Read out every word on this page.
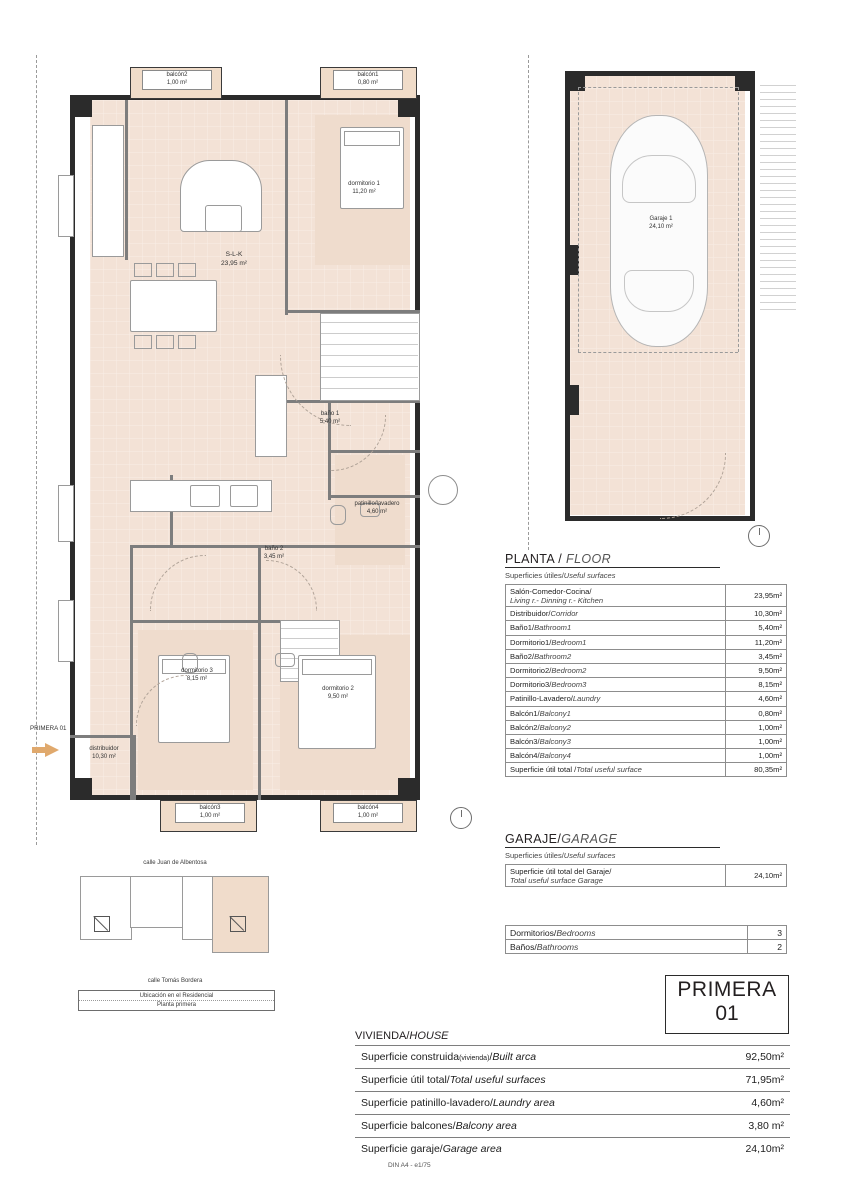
PRIMERA 01
balcón2
1,00 m²
balcón1
0,80 m²
dormitorio 1
11,20 m²
S-L-K
23,95 m²
baño 1
5,40 m²
patinillo/lavadero
4,60 m²
baño 2
3,45 m²
dormitorio 3
8,15 m²
dormitorio 2
9,50 m²
distribuidor
10,30 m²
balcón3
1,00 m²
balcón4
1,00 m²
Garaje 1
24,10 m²
PLANTA / FLOOR
Superficies útiles/Useful surfaces
Salón-Comedor-Cocina/
Living r.- Dinning r.- Kitchen	23,95m²
Distribuidor/Corridor	10,30m²
Baño1/Bathroom1	5,40m²
Dormitorio1/Bedroom1	11,20m²
Baño2/Bathroom2	3,45m²
Dormitorio2/Bedroom2	9,50m²
Dormitorio3/Bedroom3	8,15m²
Patinillo-Lavadero/Laundry	4,60m²
Balcón1/Balcony1	0,80m²
Balcón2/Balcony2	1,00m²
Balcón3/Balcony3	1,00m²
Balcón4/Balcony4	1,00m²
Superficie útil total /Total useful surface	80,35m²
GARAJE/GARAGE
Superficies útiles/Useful surfaces
Superficie útil total del Garaje/
Total useful surface Garage	24,10m²
Dormitorios/Bedrooms	3
Baños/Bathrooms	2
PRIMERA
01
calle Juan de Albentosa
calle Tomás Bordera
Ubicación en el Residencial
Planta primera
VIVIENDA/HOUSE
Superficie construida(vivienda)/Built arca	92,50m²
Superficie útil total/Total useful surfaces	71,95m²
Superficie patinillo-lavadero/Laundry area	4,60m²
Superficie balcones/Balcony area	3,80 m²
Superficie garaje/Garage area	24,10m²
DIN A4 - e1/75
